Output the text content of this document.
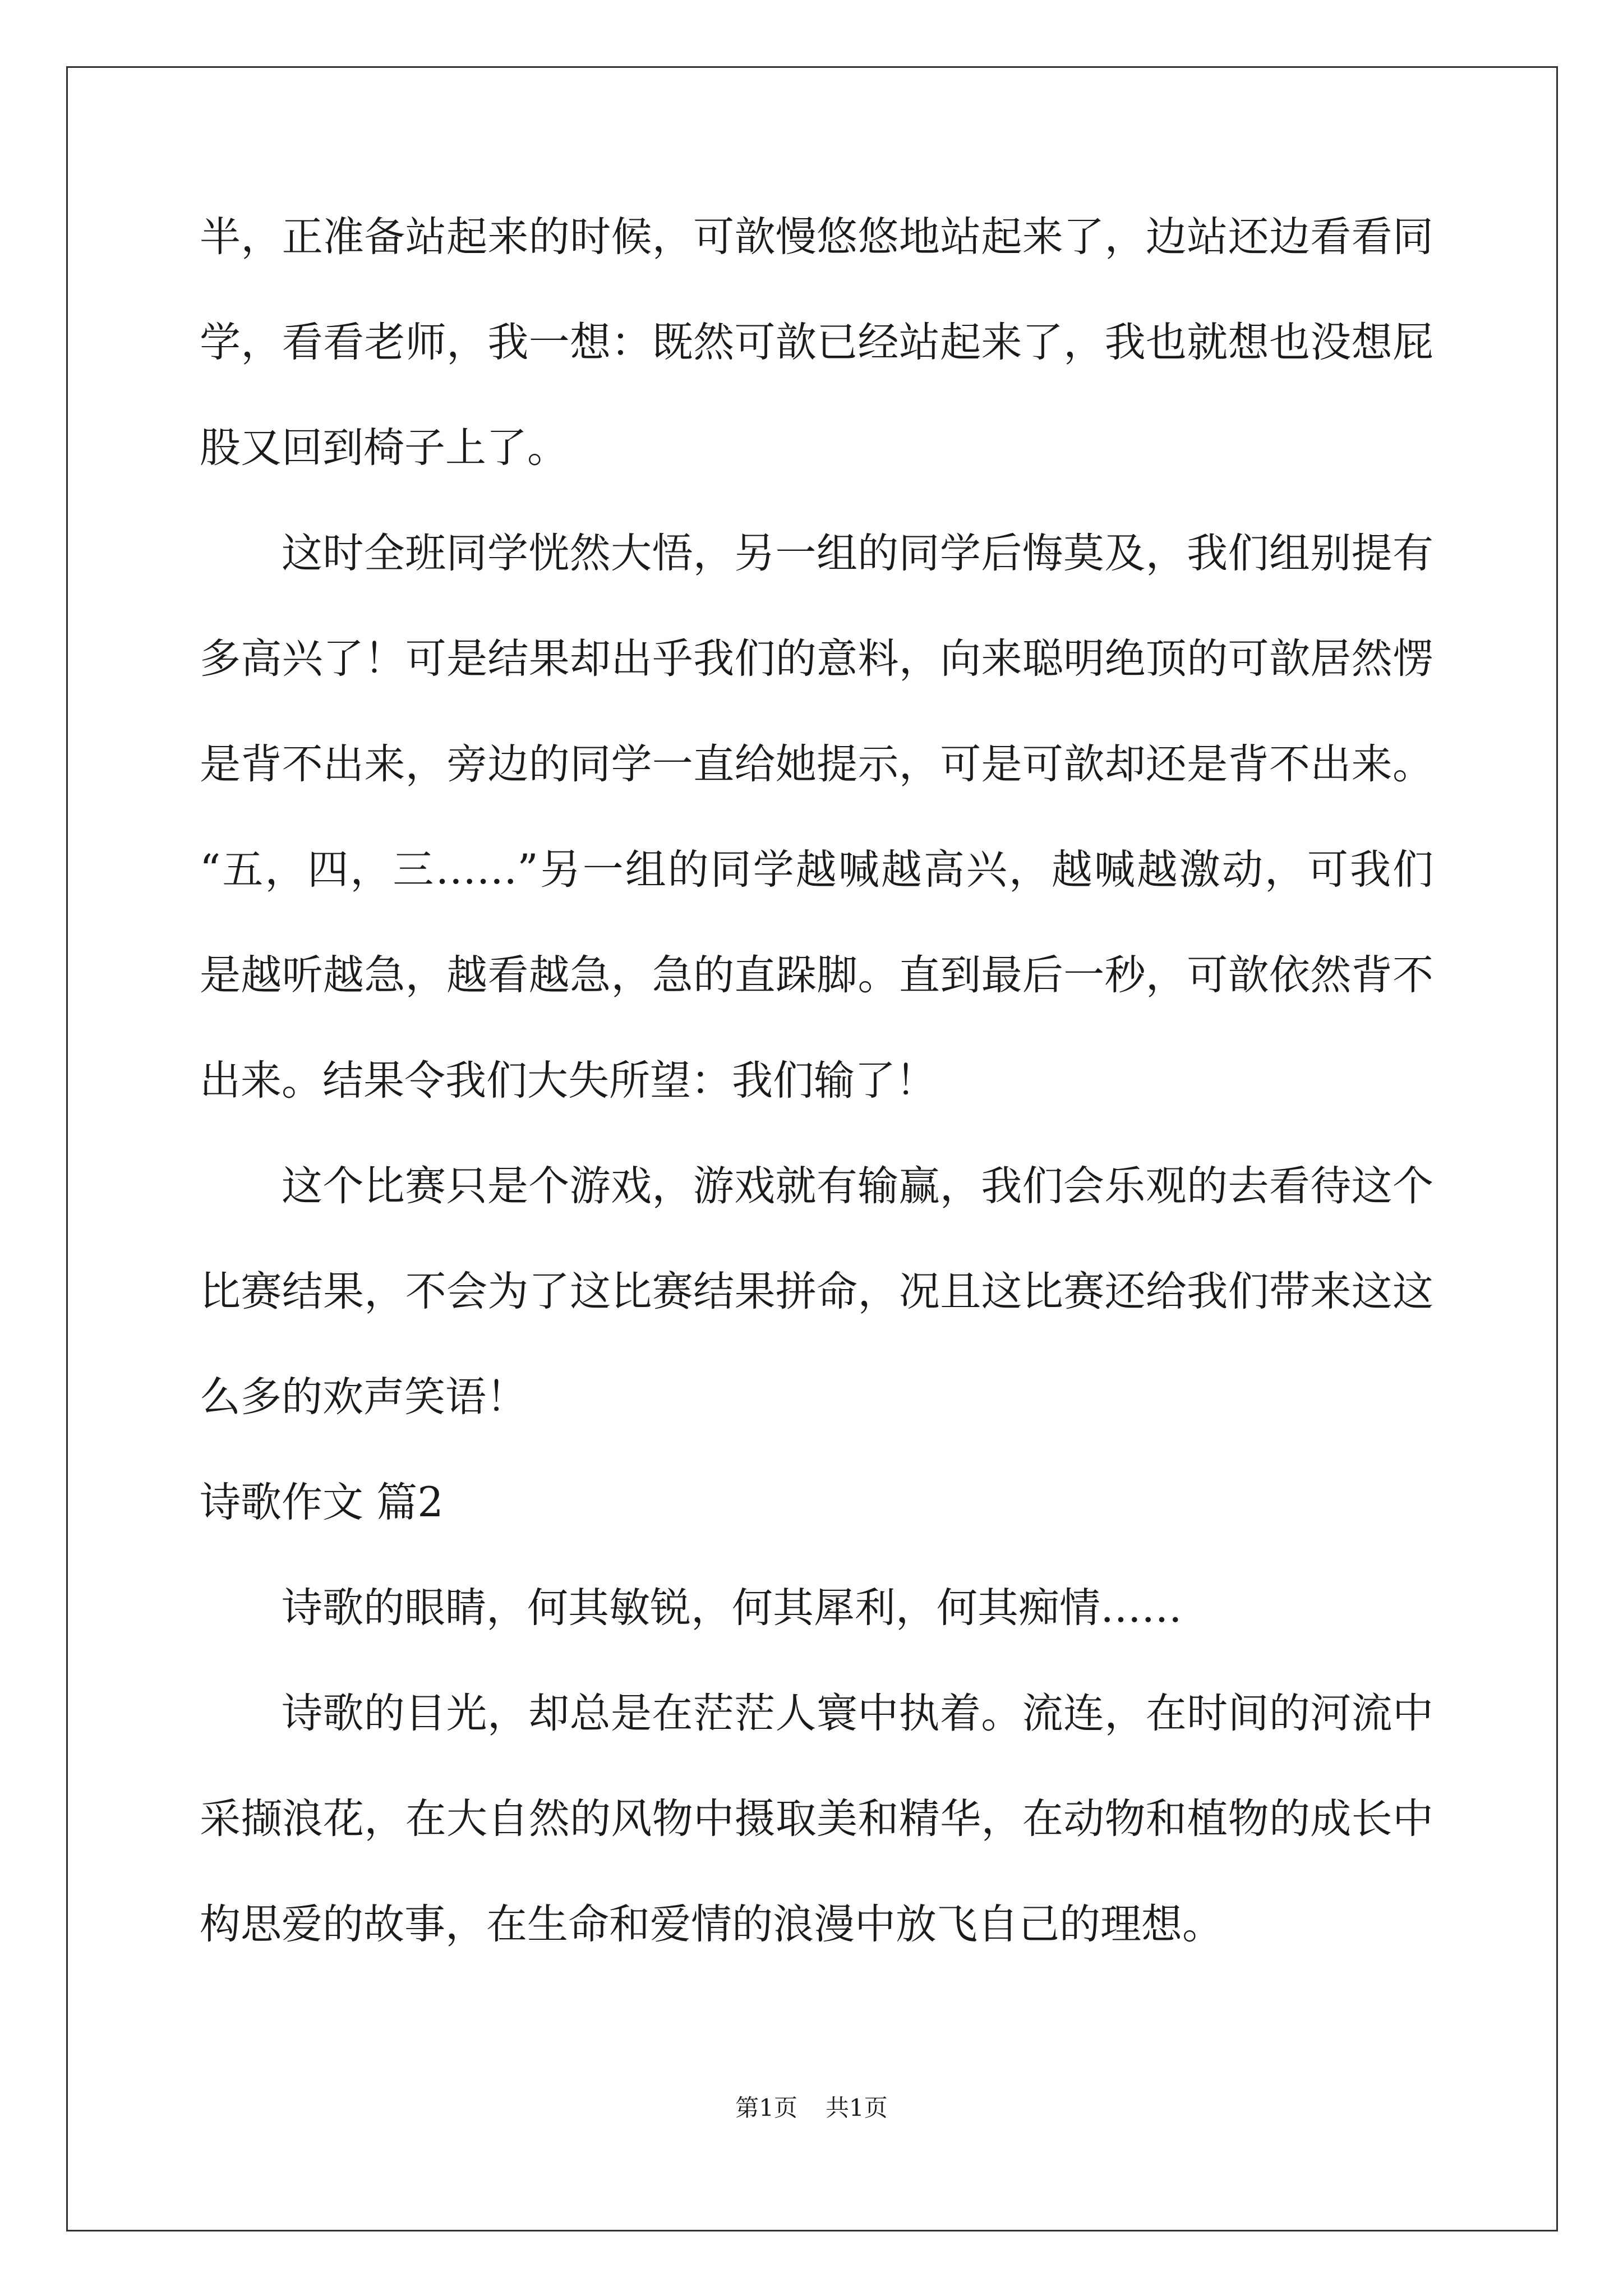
半，正准备站起来的时候，可歆慢悠悠地站起来了，边站还边看看同
学，看看老师，我一想：既然可歆已经站起来了，我也就想也没想屁
股又回到椅子上了。
这时全班同学恍然大悟，另一组的同学后悔莫及，我们组别提有
多高兴了！可是结果却出乎我们的意料，向来聪明绝顶的可歆居然愣
是背不出来，旁边的同学一直给她提示，可是可歆却还是背不出来。
“五，四，三……”另一组的同学越喊越高兴，越喊越激动，可我们
是越听越急，越看越急，急的直跺脚。直到最后一秒，可歆依然背不
出来。结果令我们大失所望：我们输了！
这个比赛只是个游戏，游戏就有输赢，我们会乐观的去看待这个
比赛结果，不会为了这比赛结果拼命，况且这比赛还给我们带来这这
么多的欢声笑语！
诗歌作文 篇2
诗歌的眼睛，何其敏锐，何其犀利，何其痴情……
诗歌的目光，却总是在茫茫人寰中执着。流连，在时间的河流中
采撷浪花，在大自然的风物中摄取美和精华，在动物和植物的成长中
构思爱的故事，在生命和爱情的浪漫中放飞自己的理想。
第1页 共1页
